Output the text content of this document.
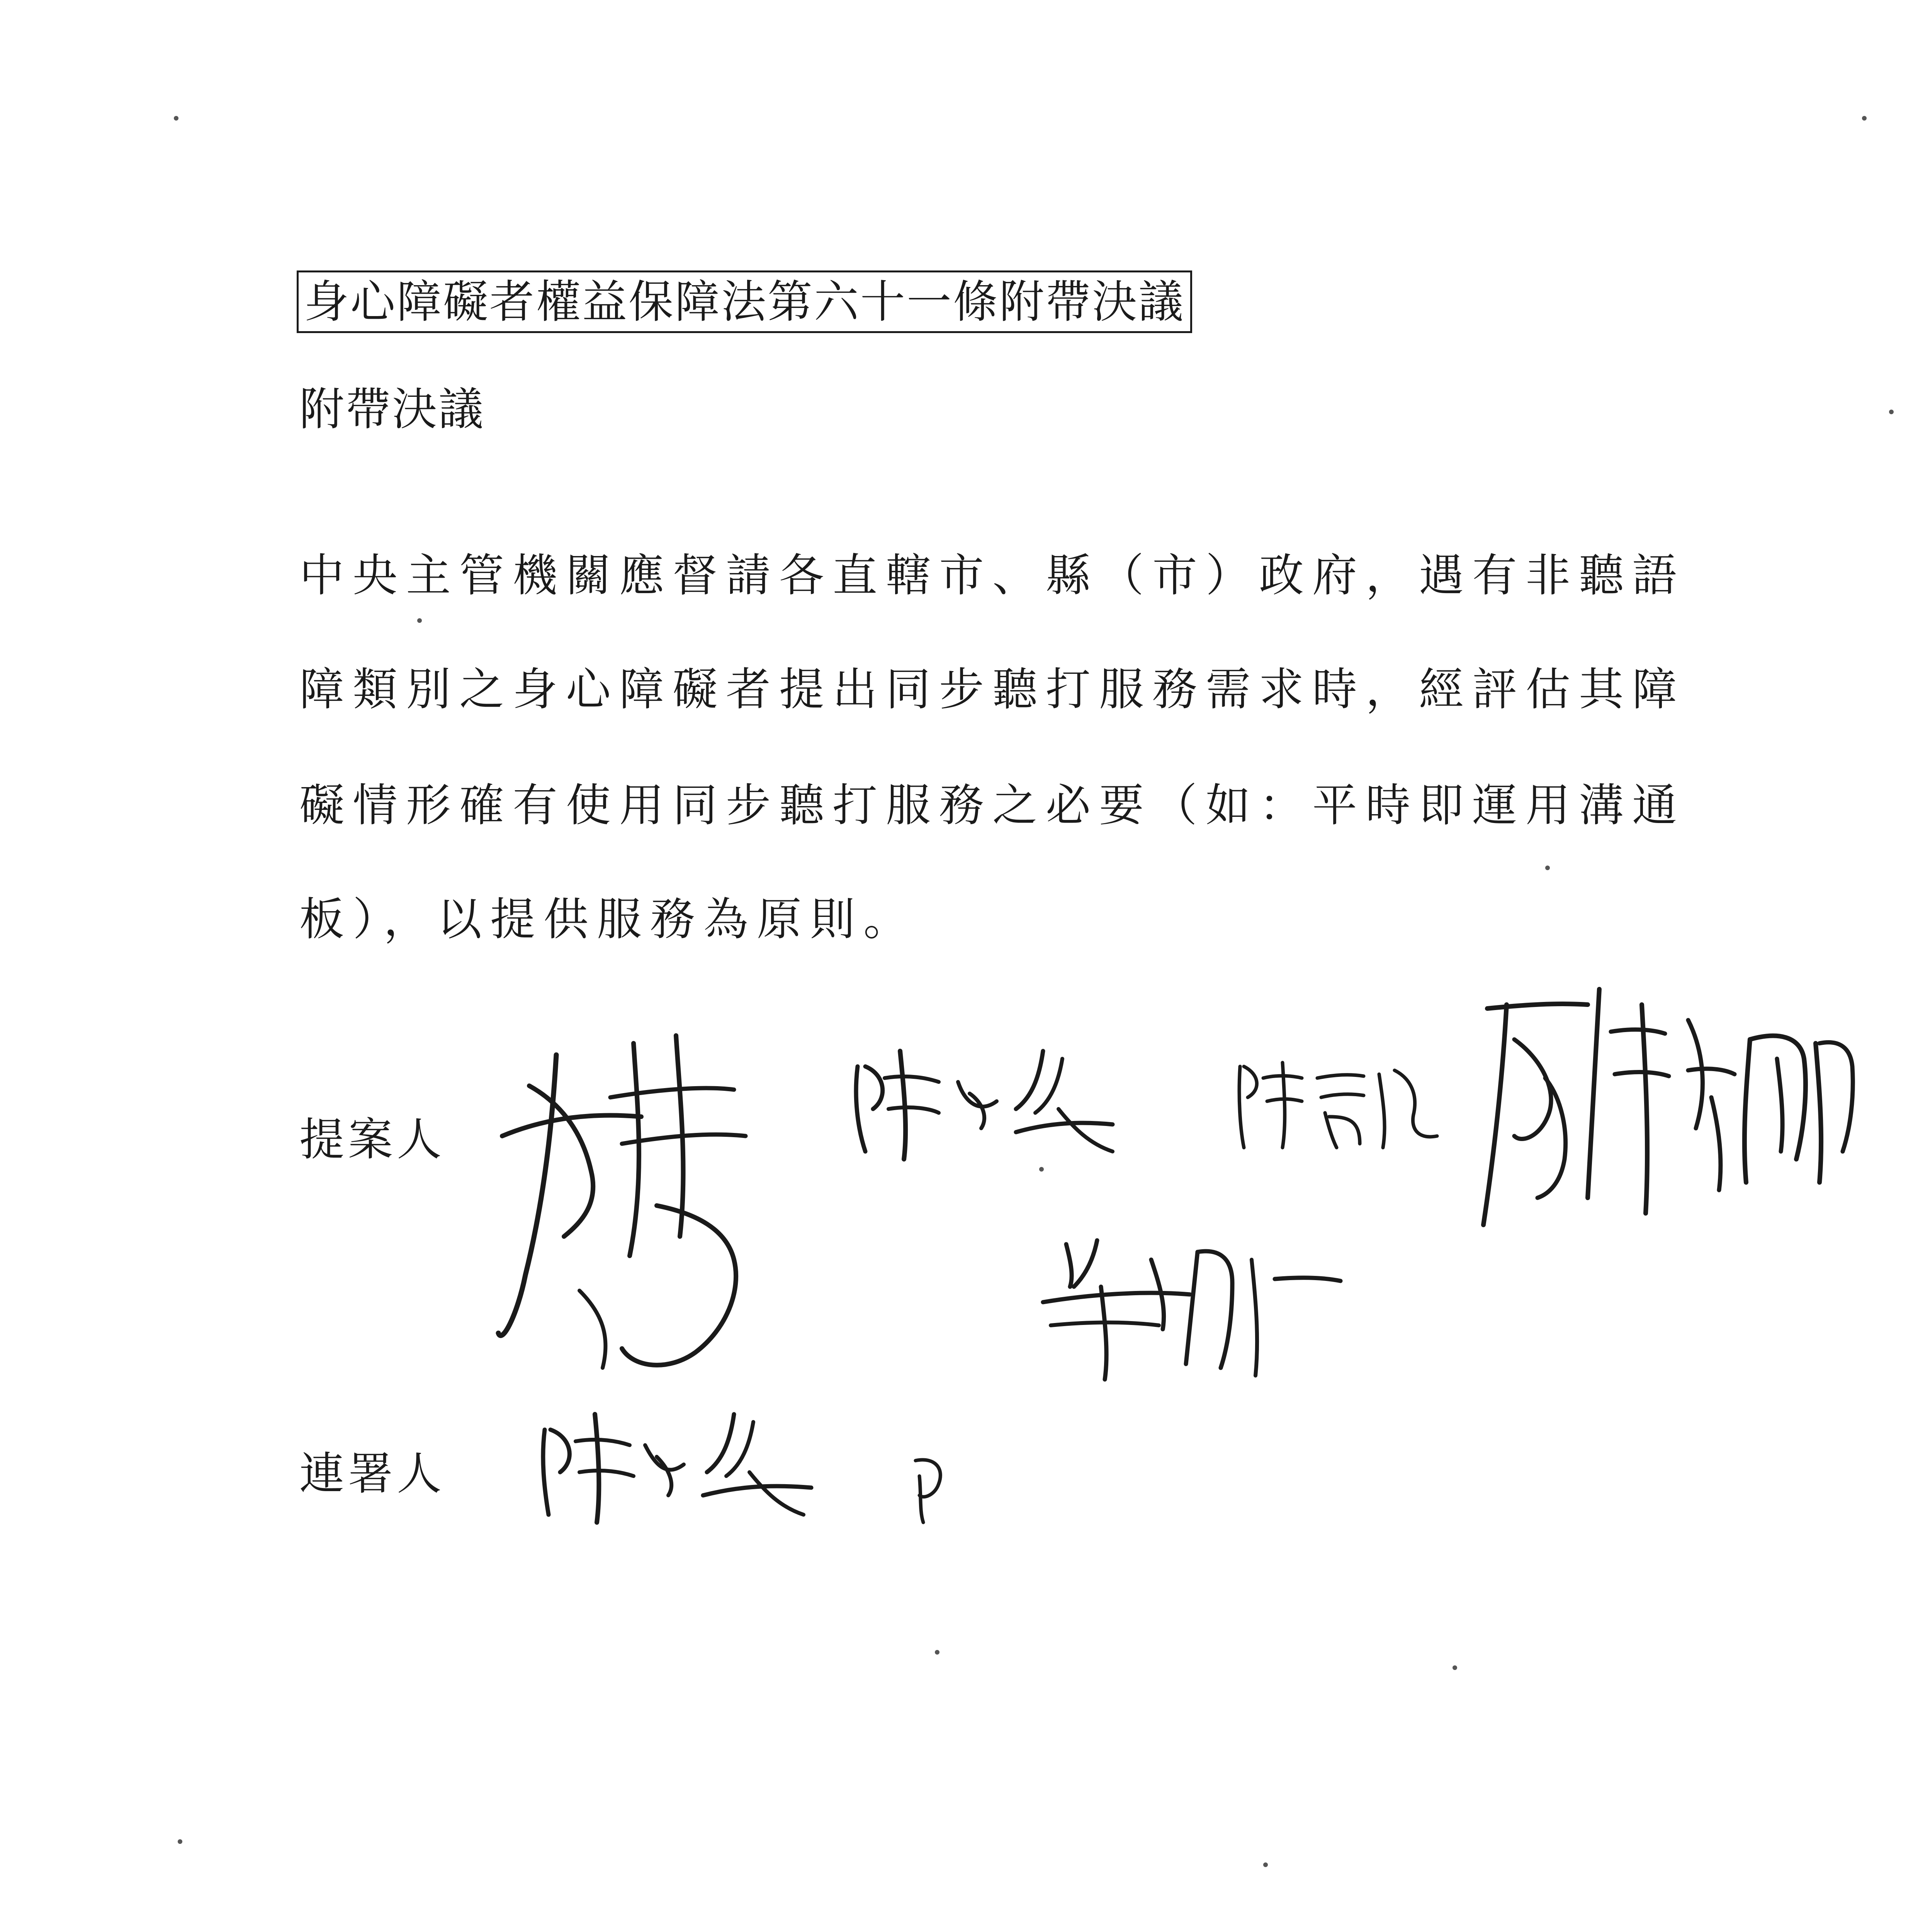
身心障礙者權益保障法第六十一條附帶決議
附帶決議
中央主管機關應督請各直轄市、縣（市）政府，遇有非聽語
障類別之身心障礙者提出同步聽打服務需求時，經評估其障
礙情形確有使用同步聽打服務之必要（如：平時即運用溝通
板），以提供服務為原則。
提案人
連署人
